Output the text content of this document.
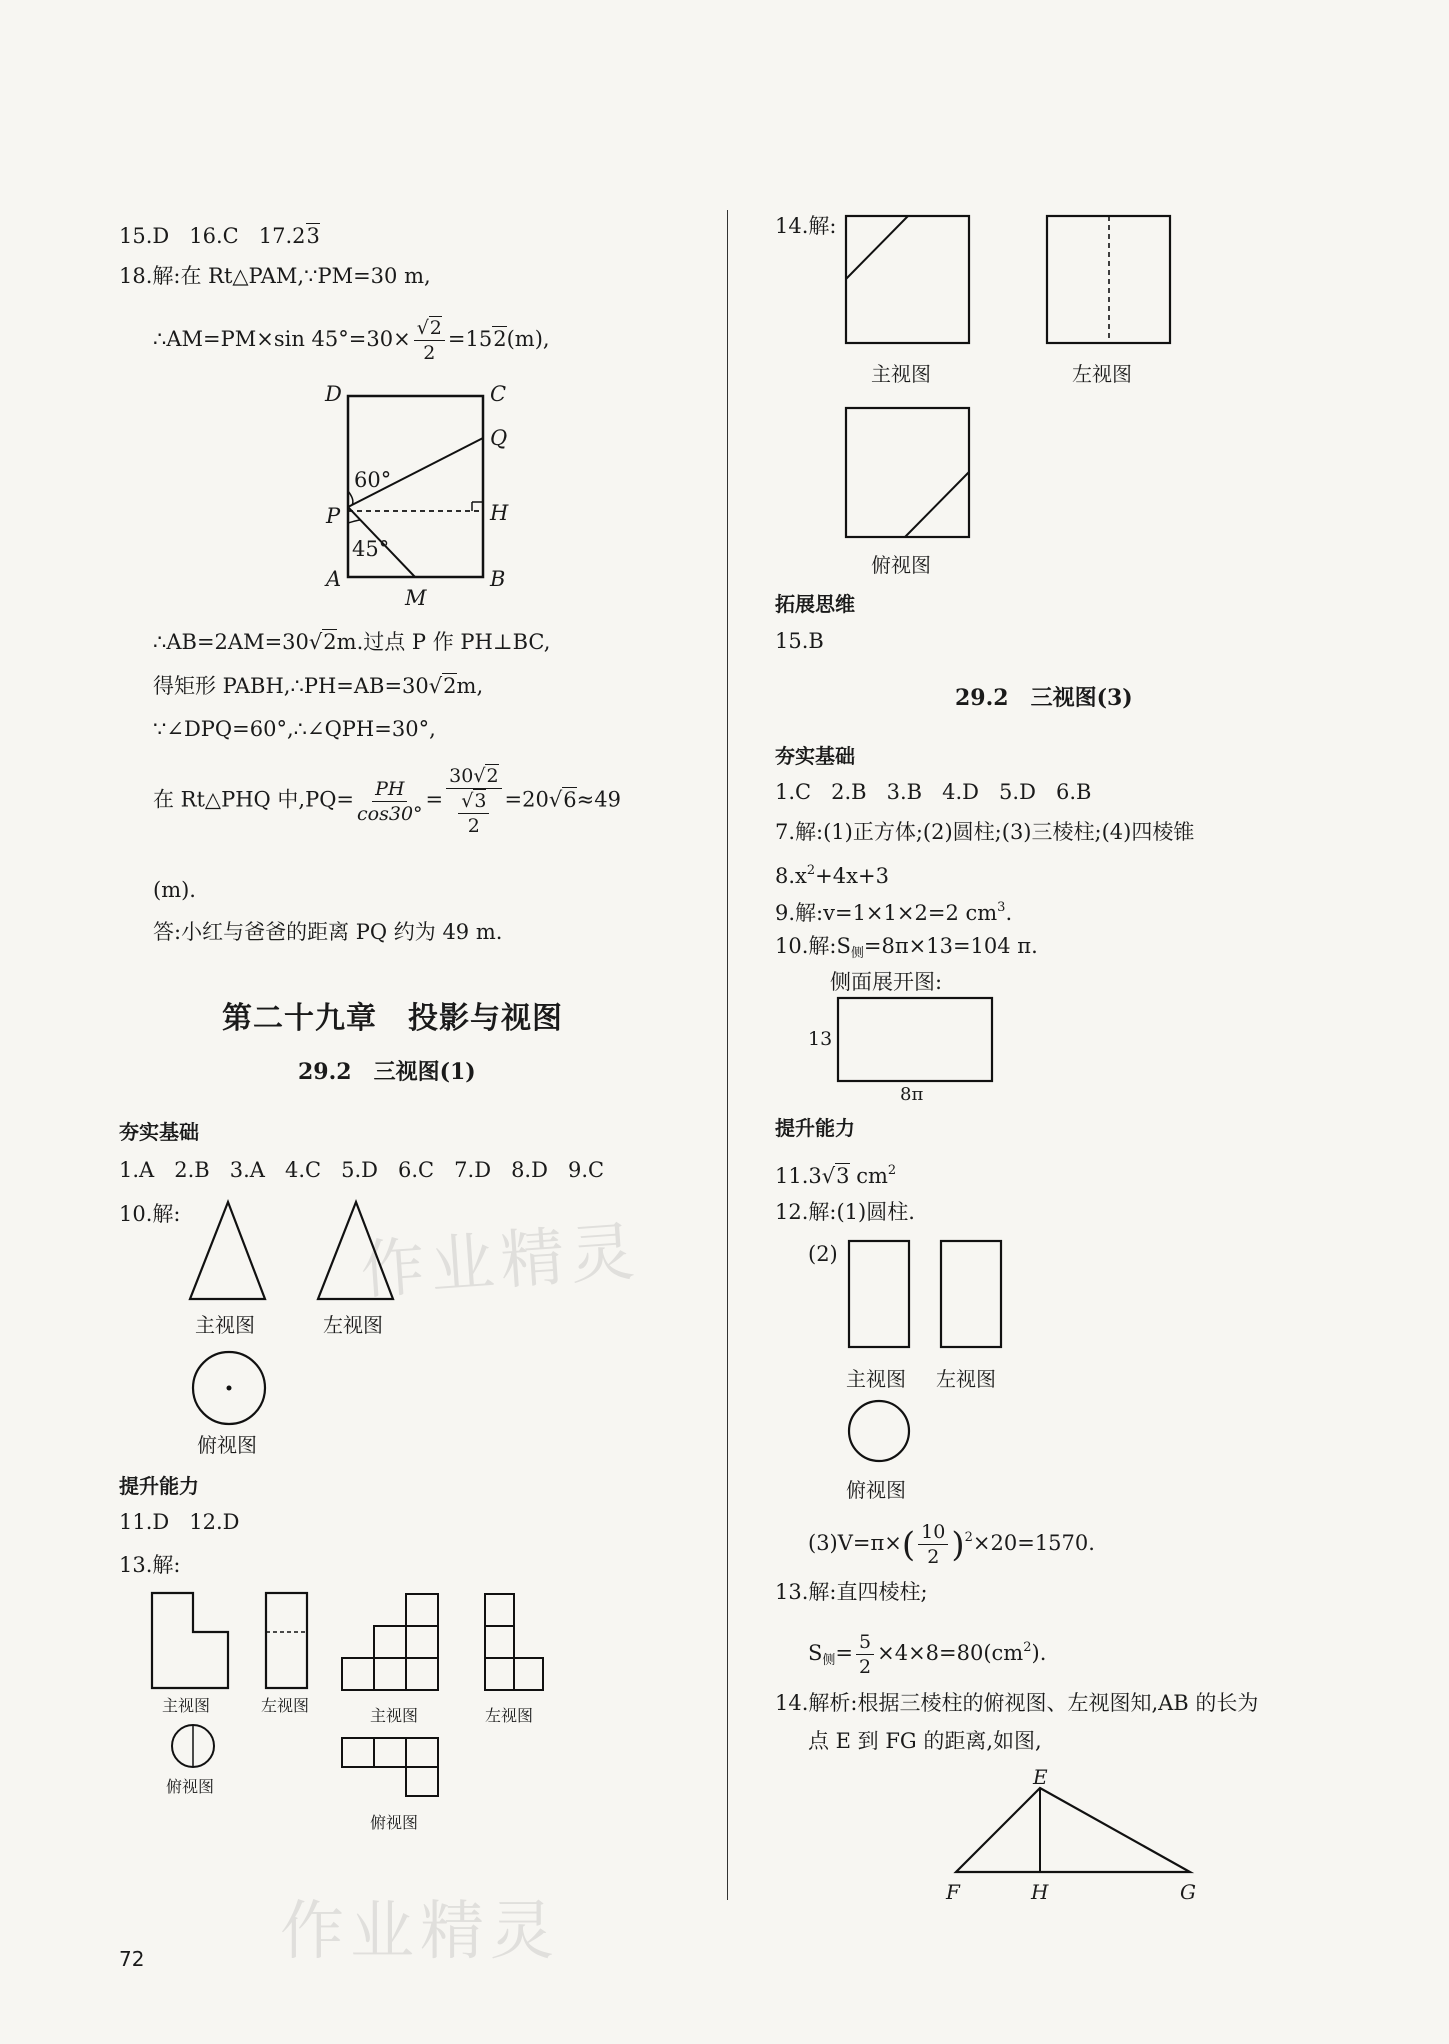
作业精灵
作业精灵
15.D 16.C 17.23
18.解:在 Rt△PAM,∵PM=30 m,
∴AM=PM×sin $45^\circ=30\times \frac{√2}{2} =152(m)$,
D	C
Q
60°
P	H
45°
A	B
M
∴AB=2AM=30√2m.过点 P 作 PH⊥BC,
得矩形 PABH,∴PH=AB=30√2m,
∵∠DPQ=60°,∴∠QPH=30°,
在 Rt△PHQ 中$,PQ= \frac{PH}{\cos 30^\circ} = \frac{30√2}{\frac{√3}{2}} =20√6\approx 49$
(m).
答:小红与爸爸的距离 PQ 约为 49 m.
第二十九章　投影与视图
29.2　三视图(1)
夯实基础
1.A 2.B 3.A 4.C 5.D 6.C 7.D 8.D 9.C
10.解:
主视图	左视图
俯视图
提升能力
11.D 12.D
13.解:
主视图	左视图
俯视图
主视图	左视图
俯视图
72
14.解:
主视图	左视图
俯视图
拓展思维
15.B
29.2　三视图(3)
夯实基础
1.C 2.B 3.B 4.D 5.D 6.B
7.解:(1)正方体;(2)圆柱;(3)三棱柱;(4)四棱锥
$8.x^2+4x+3$
9.解:v=1×1×2=2 $cm^3$.
10.解$:S_侧=8\pi\times 13=104$ π.
侧面展开图:
13
8π
提升能力
11.3√3 $cm^2$
12.解:(1)圆柱.
(2)
主视图 左视图
俯视图
$(3)V=\pi\times( \frac{10}{2} )^2\times 20=1570$.
13.解:直四棱柱;
$S_侧= \frac{5}{2} \times 4\times 8=80(cm^2)$.
14.解析:根据三棱柱的俯视图、左视图知,AB 的长为
点 E 到 FG 的距离,如图,
E
F	H	G
